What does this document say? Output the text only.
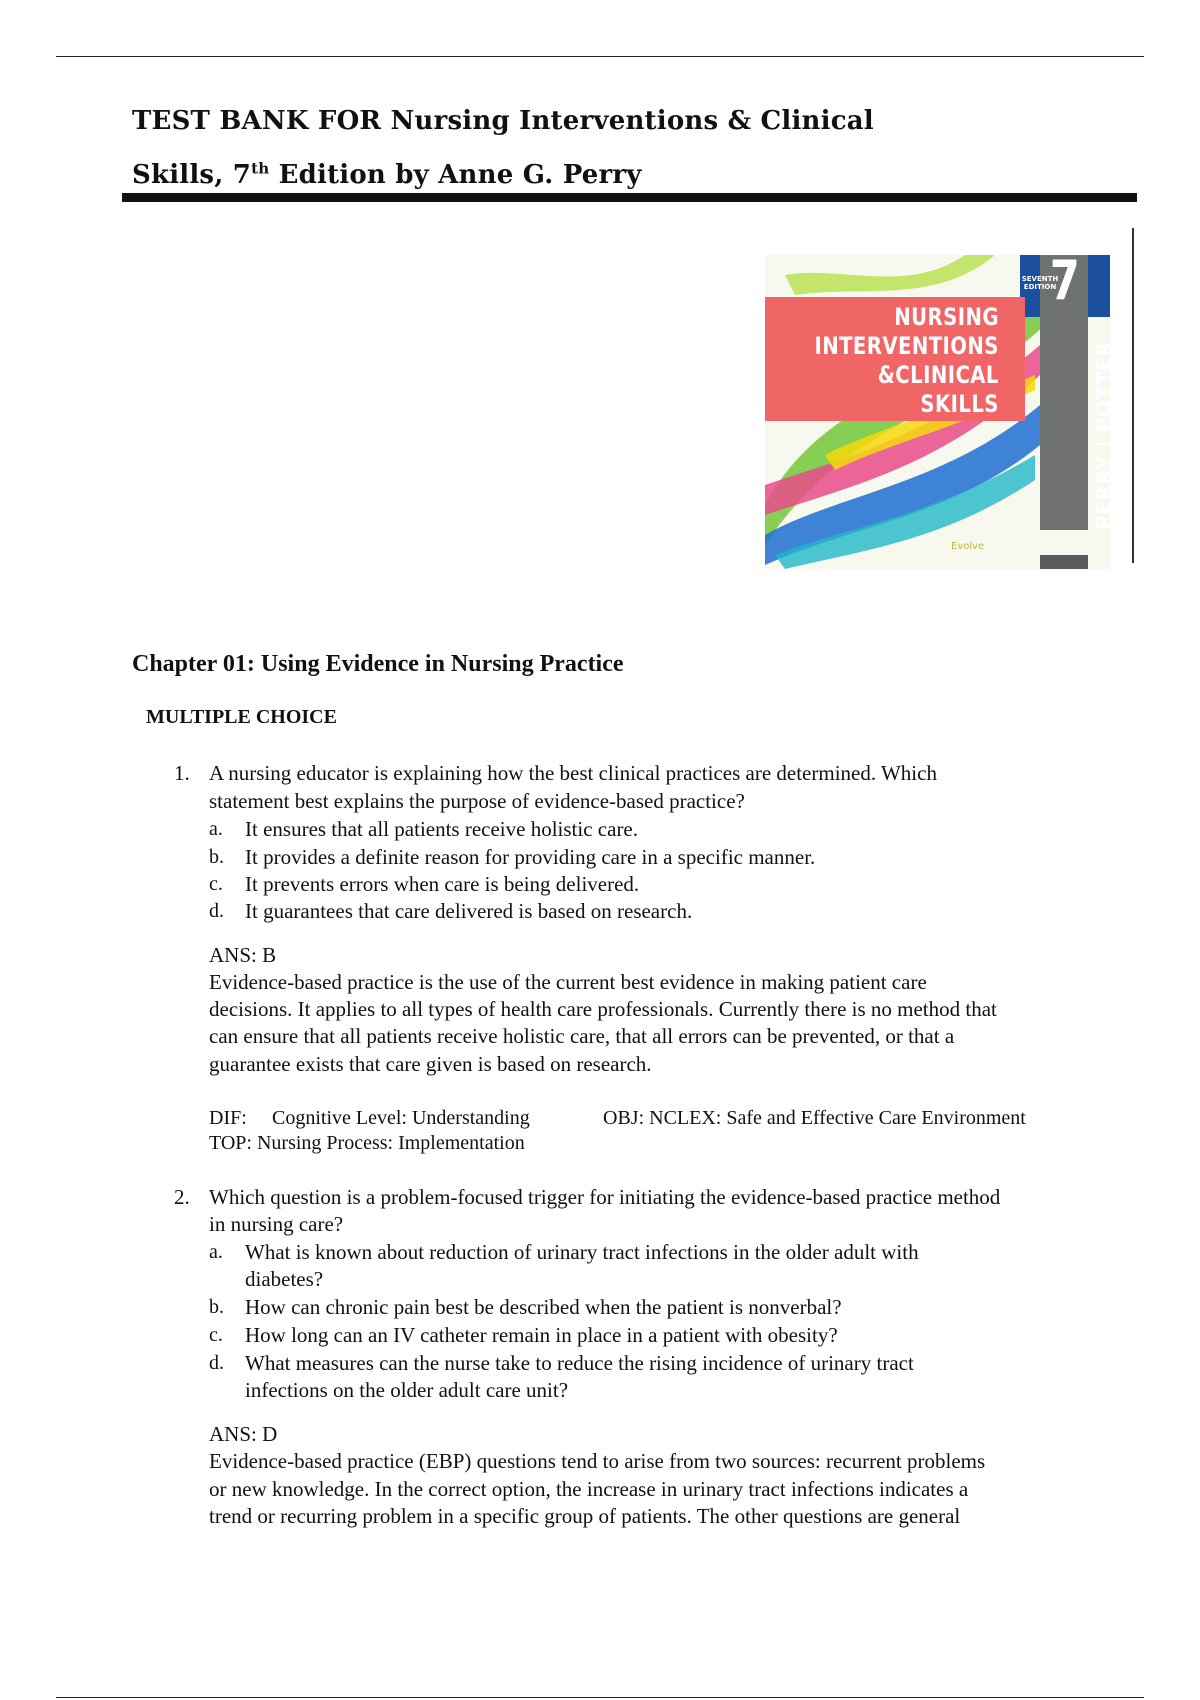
TEST BANK FOR Nursing Interventions & Clinical
Skills, 7th Edition by Anne G. Perry
SEVENTH EDITION
7
NURSING
INTERVENTIONS
&CLINICAL
SKILLS	PERRY | POTTER
OSTENDORF
Evolve
Chapter 01: Using Evidence in Nursing Practice
MULTIPLE CHOICE
1. A nursing educator is explaining how the best clinical practices are determined. Which
statement best explains the purpose of evidence-based practice?
a. It ensures that all patients receive holistic care.
b. It provides a definite reason for providing care in a specific manner.
c. It prevents errors when care is being delivered.
d. It guarantees that care delivered is based on research.
ANS: B
Evidence-based practice is the use of the current best evidence in making patient care
decisions. It applies to all types of health care professionals. Currently there is no method that
can ensure that all patients receive holistic care, that all errors can be prevented, or that a
guarantee exists that care given is based on research.
DIF: Cognitive Level: Understanding	OBJ: NCLEX: Safe and Effective Care Environment
TOP: Nursing Process: Implementation
2. Which question is a problem-focused trigger for initiating the evidence-based practice method
in nursing care?
a. What is known about reduction of urinary tract infections in the older adult with
diabetes?
b. How can chronic pain best be described when the patient is nonverbal?
c. How long can an IV catheter remain in place in a patient with obesity?
d. What measures can the nurse take to reduce the rising incidence of urinary tract
infections on the older adult care unit?
ANS: D
Evidence-based practice (EBP) questions tend to arise from two sources: recurrent problems
or new knowledge. In the correct option, the increase in urinary tract infections indicates a
trend or recurring problem in a specific group of patients. The other questions are general
